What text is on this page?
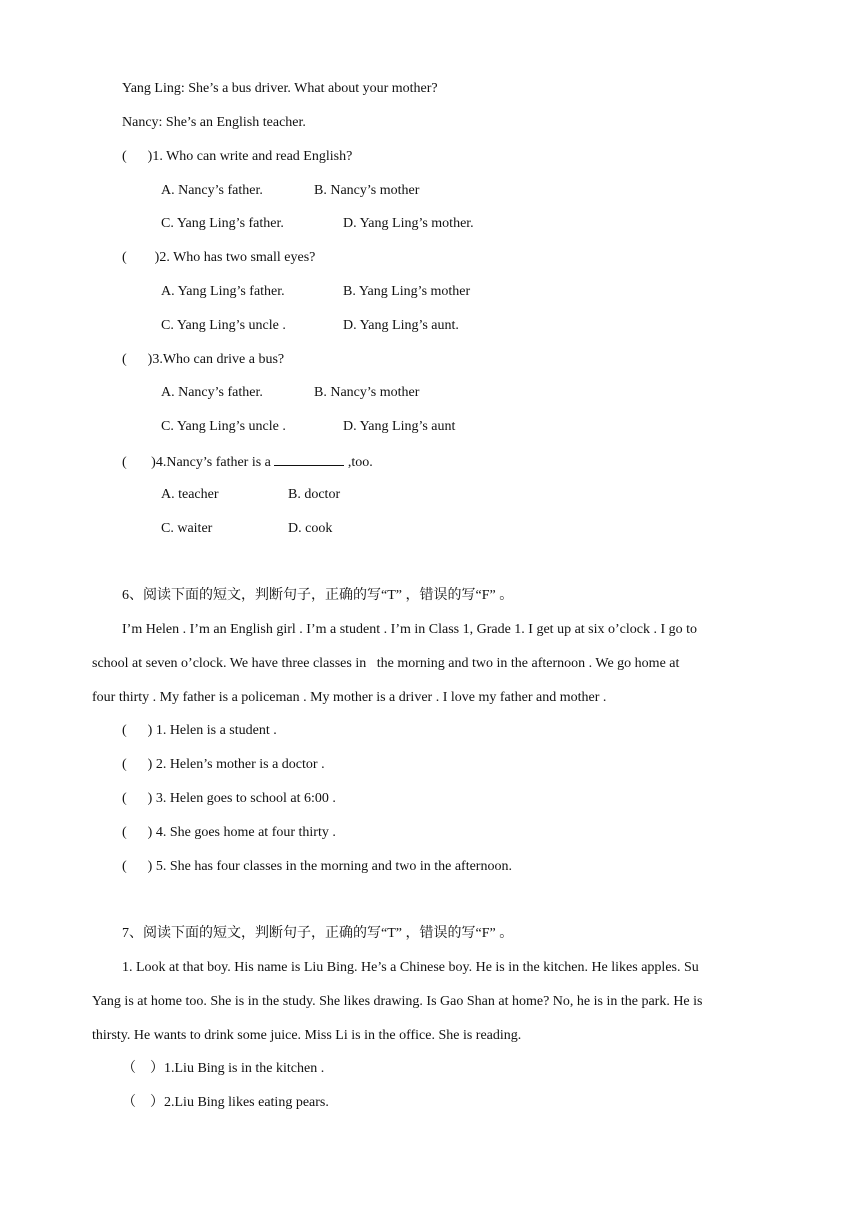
Yang Ling: She’s a bus driver. What about your mother?
Nancy: She’s an English teacher.
(      )1. Who can write and read English?
A. Nancy’s father.	B. Nancy’s mother
C. Yang Ling’s father.	D. Yang Ling’s mother.
(        )2. Who has two small eyes?
A. Yang Ling’s father.	B. Yang Ling’s mother
C. Yang Ling’s uncle .	D. Yang Ling’s aunt.
(      )3.Who can drive a bus?
A. Nancy’s father.	B. Nancy’s mother
C. Yang Ling’s uncle .	D. Yang Ling’s aunt
(       )4.Nancy’s father is a	,too.
A. teacher	B. doctor
C. waiter	D. cook
6、阅读下面的短文，判断句子，正确的写“T” ，错误的写“F” 。
I’m Helen . I’m an English girl . I’m a student . I’m in Class 1, Grade 1. I get up at six o’clock . I go to
school at seven o’clock. We have three classes in   the morning and two in the afternoon . We go home at
four thirty . My father is a policeman . My mother is a driver . I love my father and mother .
(      ) 1. Helen is a student .
(      ) 2. Helen’s mother is a doctor .
(      ) 3. Helen goes to school at 6:00 .
(      ) 4. She goes home at four thirty .
(      ) 5. She has four classes in the morning and two in the afternoon.
7、阅读下面的短文，判断句子，正确的写“T” ，错误的写“F” 。
1. Look at that boy. His name is Liu Bing. He’s a Chinese boy. He is in the kitchen. He likes apples. Su
Yang is at home too. She is in the study. She likes drawing. Is Gao Shan at home? No, he is in the park. He is
thirsty. He wants to drink some juice. Miss Li is in the office. She is reading.
（    ）1.Liu Bing is in the kitchen .
（    ）2.Liu Bing likes eating pears.
